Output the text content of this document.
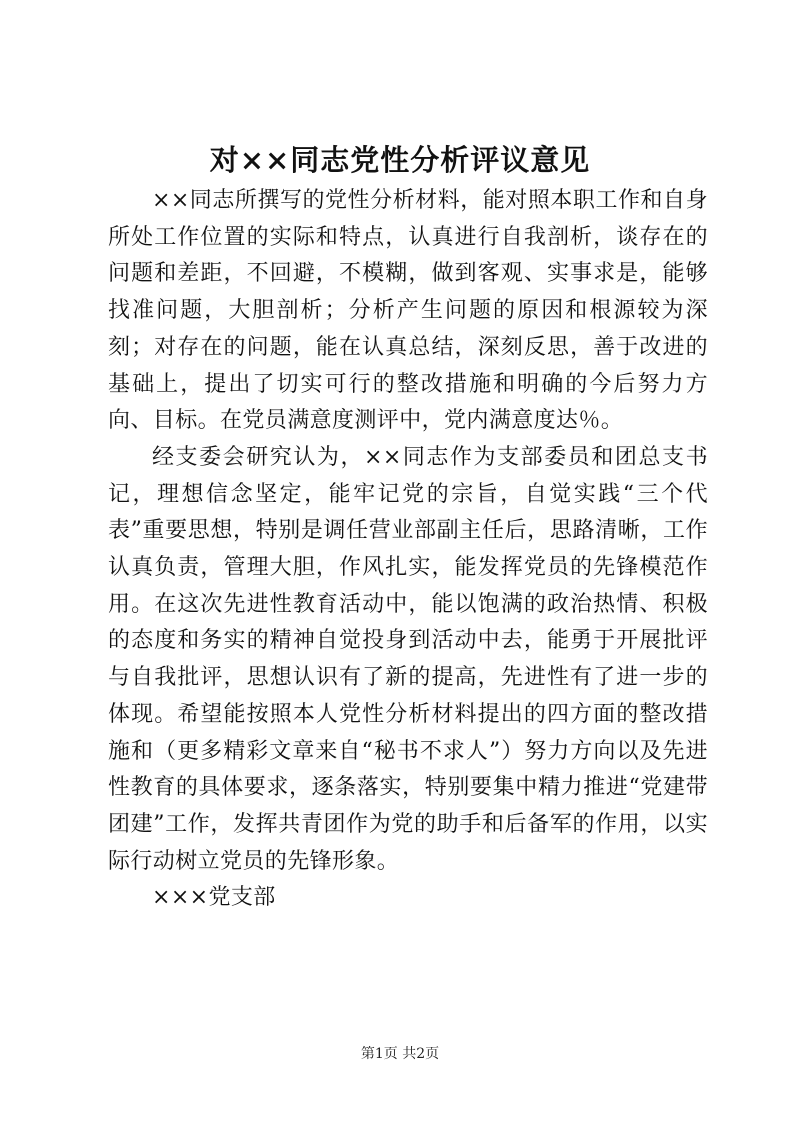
对××同志党性分析评议意见

××同志所撰写的党性分析材料，能对照本职工作和自身所处工作位置的实际和特点，认真进行自我剖析，谈存在的问题和差距，不回避，不模糊，做到客观、实事求是，能够找准问题，大胆剖析；分析产生问题的原因和根源较为深刻；对存在的问题，能在认真总结，深刻反思，善于改进的基础上，提出了切实可行的整改措施和明确的今后努力方向、目标。在党员满意度测评中，党内满意度达％。

经支委会研究认为，××同志作为支部委员和团总支书记，理想信念坚定，能牢记党的宗旨，自觉实践“三个代表”重要思想，特别是调任营业部副主任后，思路清晰，工作认真负责，管理大胆，作风扎实，能发挥党员的先锋模范作用。在这次先进性教育活动中，能以饱满的政治热情、积极的态度和务实的精神自觉投身到活动中去，能勇于开展批评与自我批评，思想认识有了新的提高，先进性有了进一步的体现。希望能按照本人党性分析材料提出的四方面的整改措施和（更多精彩文章来自“秘书不求人”）努力方向以及先进性教育的具体要求，逐条落实，特别要集中精力推进“党建带团建”工作，发挥共青团作为党的助手和后备军的作用，以实际行动树立党员的先锋形象。

×××党支部

第1页 共2页
